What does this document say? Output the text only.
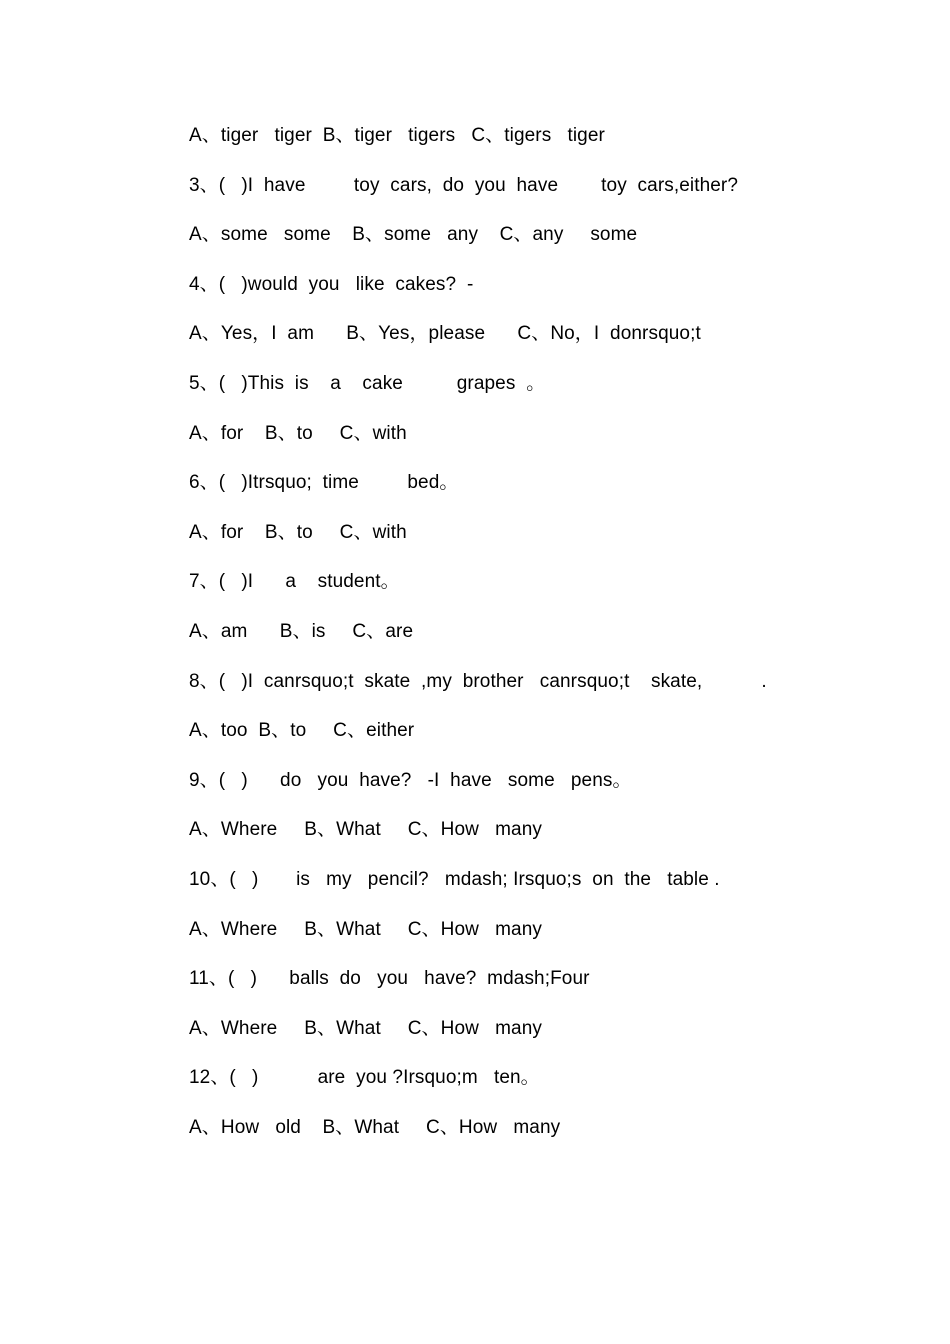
A、tiger   tiger  B、tiger   tigers   C、tigers   tiger
3、(   )I  have         toy  cars,  do  you  have        toy  cars,either?
A、some   some    B、some   any    C、any     some
4、(   )would  you   like  cakes?  -
A、Yes，I  am      B、Yes，please      C、No，I  donrsquo;t
5、(   )This  is    a    cake          grapes  。
A、for    B、to     C、with
6、(   )Itrsquo;  time         bed。
A、for    B、to     C、with
7、(   )I      a    student。
A、am      B、is     C、are
8、(   )I  canrsquo;t  skate  ,my  brother   canrsquo;t    skate,           .
A、too  B、to     C、either
9、(   )      do   you  have?   -I  have   some   pens。
A、Where     B、What     C、How   many
10、(   )       is   my   pencil?   mdash; Irsquo;s  on  the   table .
A、Where     B、What     C、How   many
11、(   )      balls  do   you   have?  mdash;Four
A、Where     B、What     C、How   many
12、(   )           are  you ?Irsquo;m   ten。
A、How   old    B、What     C、How   many
